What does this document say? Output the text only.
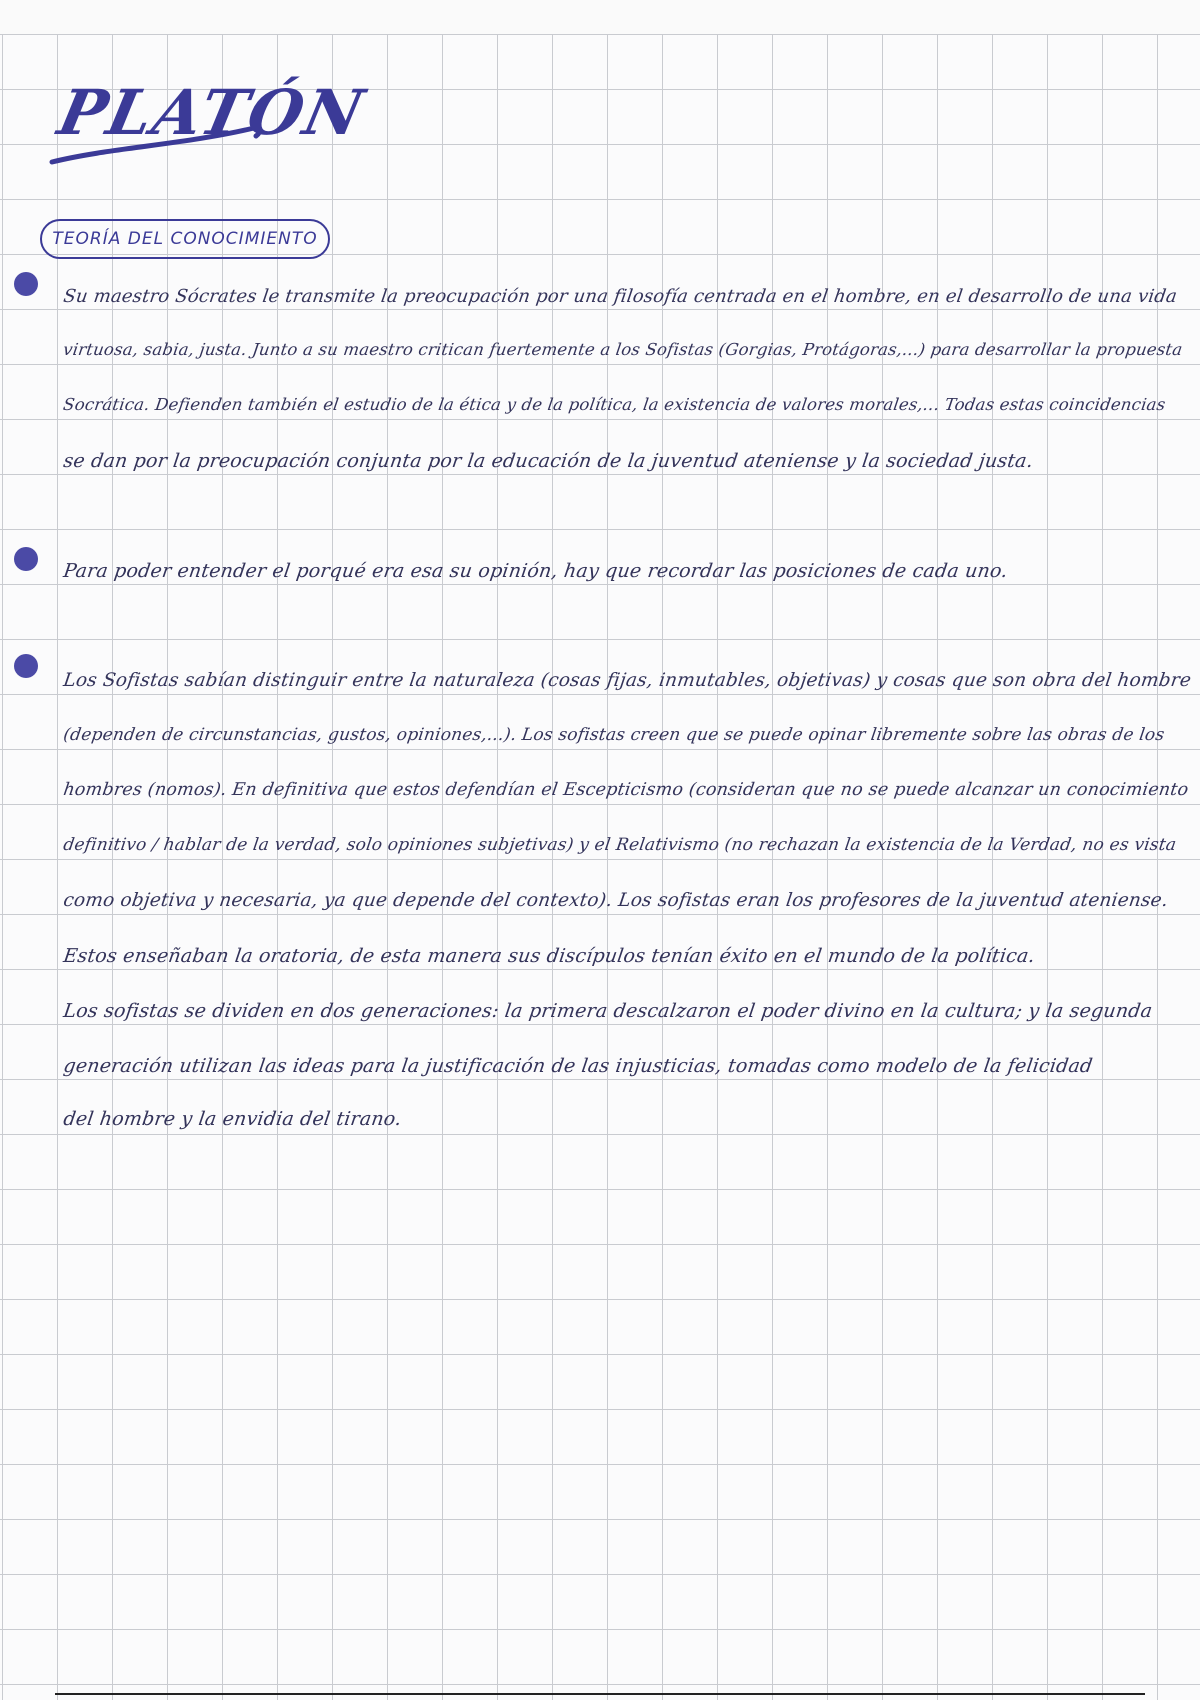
PLATÓN
TEORÍA DEL CONOCIMIENTO
Su maestro Sócrates le transmite la preocupación por una filosofía centrada en el hombre, en el desarrollo de una vida
virtuosa, sabia, justa. Junto a su maestro critican fuertemente a los Sofistas (Gorgias, Protágoras,...) para desarrollar la propuesta
Socrática. Defienden también el estudio de la ética y de la política, la existencia de valores morales,... Todas estas coincidencias
se dan por la preocupación conjunta por la educación de la juventud ateniense y la sociedad justa.
Para poder entender el porqué era esa su opinión, hay que recordar las posiciones de cada uno.
Los Sofistas sabían distinguir entre la naturaleza (cosas fijas, inmutables, objetivas) y cosas que son obra del hombre
(dependen de circunstancias, gustos, opiniones,...). Los sofistas creen que se puede opinar libremente sobre las obras de los
hombres (nomos). En definitiva que estos defendían el Escepticismo (consideran que no se puede alcanzar un conocimiento
definitivo / hablar de la verdad, solo opiniones subjetivas) y el Relativismo (no rechazan la existencia de la Verdad, no es vista
como objetiva y necesaria, ya que depende del contexto). Los sofistas eran los profesores de la juventud ateniense.
Estos enseñaban la oratoria, de esta manera sus discípulos tenían éxito en el mundo de la política.
Los sofistas se dividen en dos generaciones: la primera descalzaron el poder divino en la cultura; y la segunda
generación utilizan las ideas para la justificación de las injusticias, tomadas como modelo de la felicidad
del hombre y la envidia del tirano.
